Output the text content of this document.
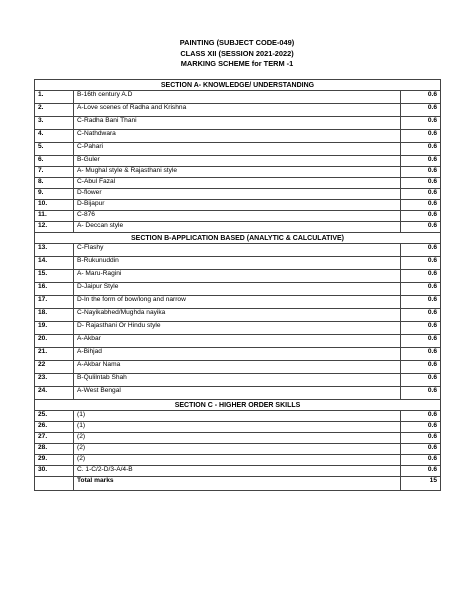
PAINTING (SUBJECT CODE-049)
CLASS XII (SESSION 2021-2022)
MARKING SCHEME for TERM -1
SECTION A- KNOWLEDGE/ UNDERSTANDING		
1.	B-16th century A.D	0.6
2.	A-Love scenes of Radha and Krishna	0.6
3.	C-Radha Bani Thani	0.6
4.	C-Nathdwara	0.6
5.	C-Pahari	0.6
6.	B-Guler	0.6
7.	A- Mughal style & Rajasthani style	0.6
8.	C-Abul Fazal	0.6
9.	D-flower	0.6
10.	D-Bijapur	0.6
11.	C-876	0.6
12.	A- Deccan style	0.6
SECTION B-APPLICATION BASED (ANALYTIC & CALCULATIVE)		
13.	C-Flashy	0.6
14.	B-Rukunuddin	0.6
15.	A- Maru-Ragini	0.6
16.	D-Jaipur Style	0.6
17.	D-In the form of bow/long and narrow	0.6
18.	C-Nayikabhed/Mughda nayika	0.6
19.	D- Rajasthani Or Hindu style	0.6
20.	A-Akbar	0.6
21.	A-Bihjad	0.6
22	A-Akbar Nama	0.6
23.	B-Qulilntab Shah	0.6
24.	A-West Bengal	0.6
SECTION C - HIGHER ORDER SKILLS		
25.	(1)	0.6
26.	(1)	0.6
27.	(2)	0.6
28.	(2)	0.6
29.	(2)	0.6
30.	C. 1-C/2-D/3-A/4-B	0.6
	Total marks	15
